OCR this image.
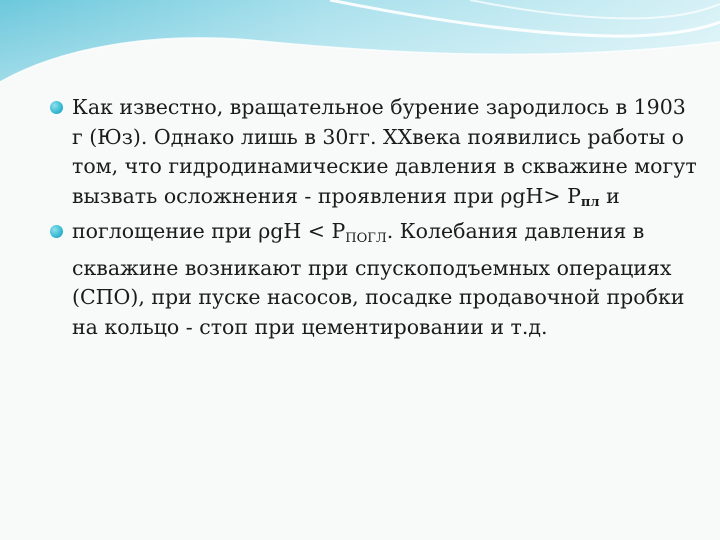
Как известно, вращательное бурение зародилось в 1903 г (Юз). Однако лишь в 30гг. XXвека появились работы о том, что гидродинамические давления в скважине могут вызвать осложнения - проявления при $\rho gH> P_{пл}$ и
поглощение при ρgH < PПОГЛ. Колебания давления в скважине возникают при спускоподъемных операциях (СПО), при пуске насосов, посадке продавочной пробки на кольцо - стоп при цементировании и т.д.
